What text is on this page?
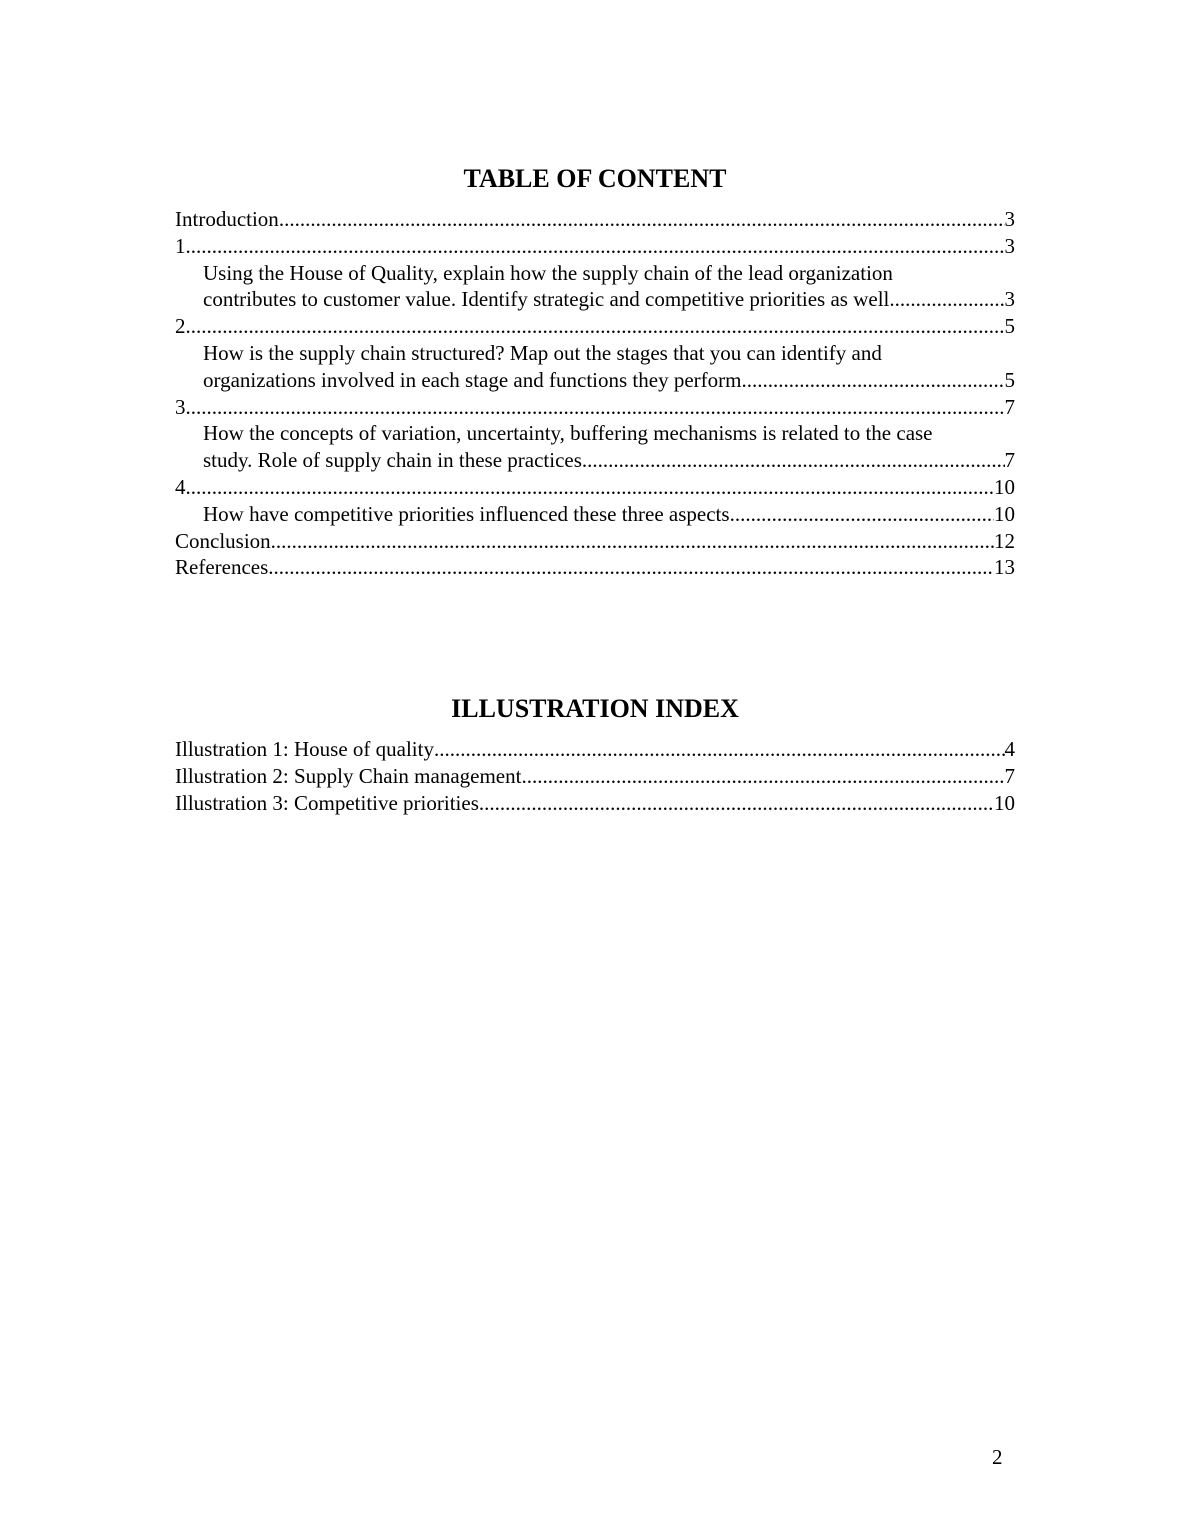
TABLE OF CONTENT
Introduction .....	3
1. .....	3
Using the House of Quality, explain how the supply chain of the lead organization
contributes to customer value. Identify strategic and competitive priorities as well .....	3
2. .....	5
How is the supply chain structured? Map out the stages that you can identify and
organizations involved in each stage and functions they perform. .....	5
3. .....	7
How the concepts of variation, uncertainty, buffering mechanisms is related to the case
study. Role of supply chain in these practices .....	7
4. .....	10
How have competitive priorities influenced these three aspects .....	10
Conclusion .....	12
References .....	13
ILLUSTRATION INDEX
Illustration 1: House of quality .....	4
Illustration 2: Supply Chain management .....	7
Illustration 3: Competitive priorities .....	10
2
